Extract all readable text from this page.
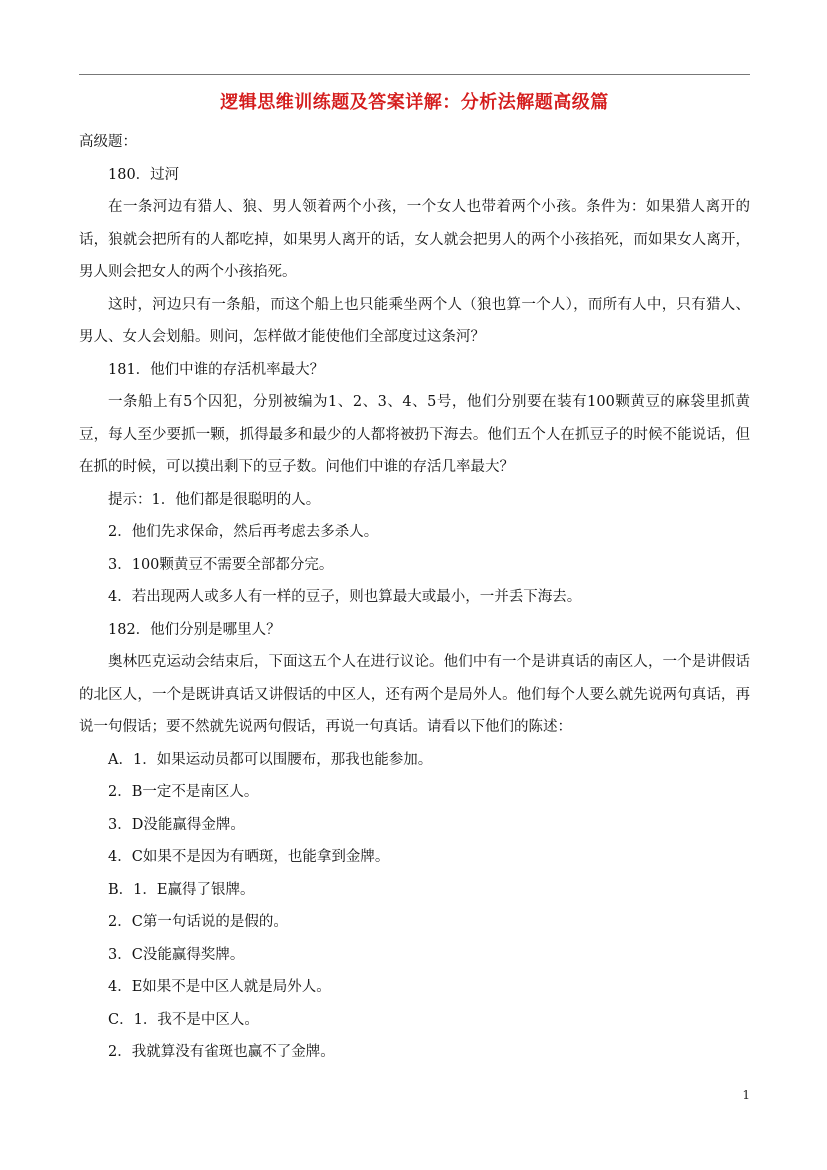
逻辑思维训练题及答案详解：分析法解题高级篇

高级题：

180．过河

在一条河边有猎人、狼、男人领着两个小孩，一个女人也带着两个小孩。条件为：如果猎人离开的话，狼就会把所有的人都吃掉，如果男人离开的话，女人就会把男人的两个小孩掐死，而如果女人离开，男人则会把女人的两个小孩掐死。

这时，河边只有一条船，而这个船上也只能乘坐两个人（狼也算一个人），而所有人中，只有猎人、男人、女人会划船。则问，怎样做才能使他们全部度过这条河？

181．他们中谁的存活机率最大？

一条船上有5个囚犯，分别被编为1、2、3、4、5号，他们分别要在装有100颗黄豆的麻袋里抓黄豆，每人至少要抓一颗，抓得最多和最少的人都将被扔下海去。他们五个人在抓豆子的时候不能说话，但在抓的时候，可以摸出剩下的豆子数。问他们中谁的存活几率最大？

提示：1．他们都是很聪明的人。

2．他们先求保命，然后再考虑去多杀人。

3．100颗黄豆不需要全部都分完。

4．若出现两人或多人有一样的豆子，则也算最大或最小，一并丢下海去。

182．他们分别是哪里人？

奥林匹克运动会结束后，下面这五个人在进行议论。他们中有一个是讲真话的南区人，一个是讲假话的北区人，一个是既讲真话又讲假话的中区人，还有两个是局外人。他们每个人要么就先说两句真话，再说一句假话；要不然就先说两句假话，再说一句真话。请看以下他们的陈述：

A．1．如果运动员都可以围腰布，那我也能参加。

2．B一定不是南区人。

3．D没能赢得金牌。

4．C如果不是因为有晒斑，也能拿到金牌。

B．1．E赢得了银牌。

2．C第一句话说的是假的。

3．C没能赢得奖牌。

4．E如果不是中区人就是局外人。

C．1．我不是中区人。

2．我就算没有雀斑也赢不了金牌。

1
